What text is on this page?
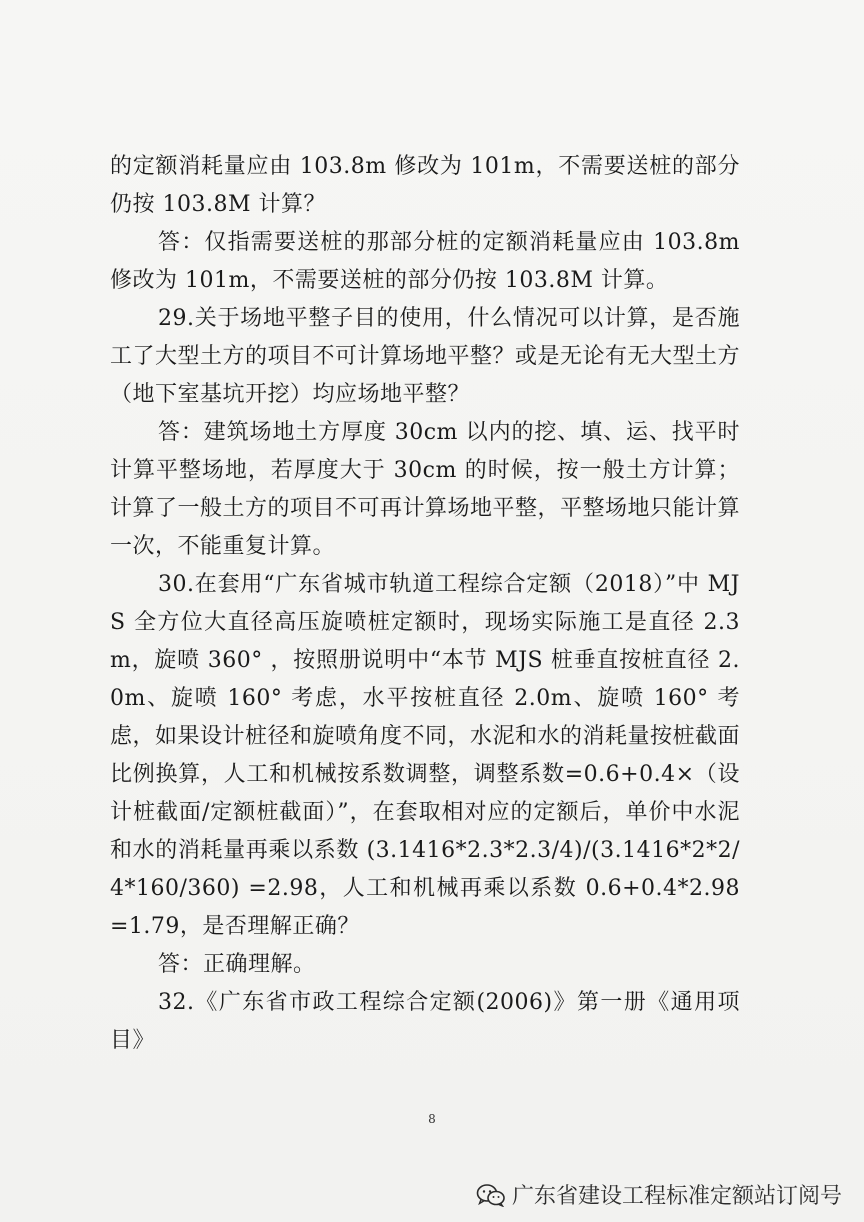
的定额消耗量应由 103.8m 修改为 101m，不需要送桩的部分仍按 103.8M 计算？

答：仅指需要送桩的那部分桩的定额消耗量应由 103.8m 修改为 101m，不需要送桩的部分仍按 103.8M 计算。

29.关于场地平整子目的使用，什么情况可以计算，是否施工了大型土方的项目不可计算场地平整？或是无论有无大型土方（地下室基坑开挖）均应场地平整？

答：建筑场地土方厚度 30cm 以内的挖、填、运、找平时计算平整场地，若厚度大于 30cm 的时候，按一般土方计算；计算了一般土方的项目不可再计算场地平整，平整场地只能计算一次，不能重复计算。

30.在套用“广东省城市轨道工程综合定额（2018）”中 MJS 全方位大直径高压旋喷桩定额时，现场实际施工是直径 2.3m，旋喷 360° ，按照册说明中“本节 MJS 桩垂直按桩直径 2.0m、旋喷 160° 考虑，水平按桩直径 2.0m、旋喷 160° 考虑，如果设计桩径和旋喷角度不同，水泥和水的消耗量按桩截面比例换算，人工和机械按系数调整，调整系数=0.6+0.4×（设计桩截面/定额桩截面）”，在套取相对应的定额后，单价中水泥和水的消耗量再乘以系数 (3.1416*2.3*2.3/4)/(3.1416*2*2/4*160/360) =2.98，人工和机械再乘以系数 0.6+0.4*2.98=1.79，是否理解正确？

答：正确理解。

32.《广东省市政工程综合定额(2006)》第一册《通用项目》

8
广东省建设工程标准定额站订阅号
